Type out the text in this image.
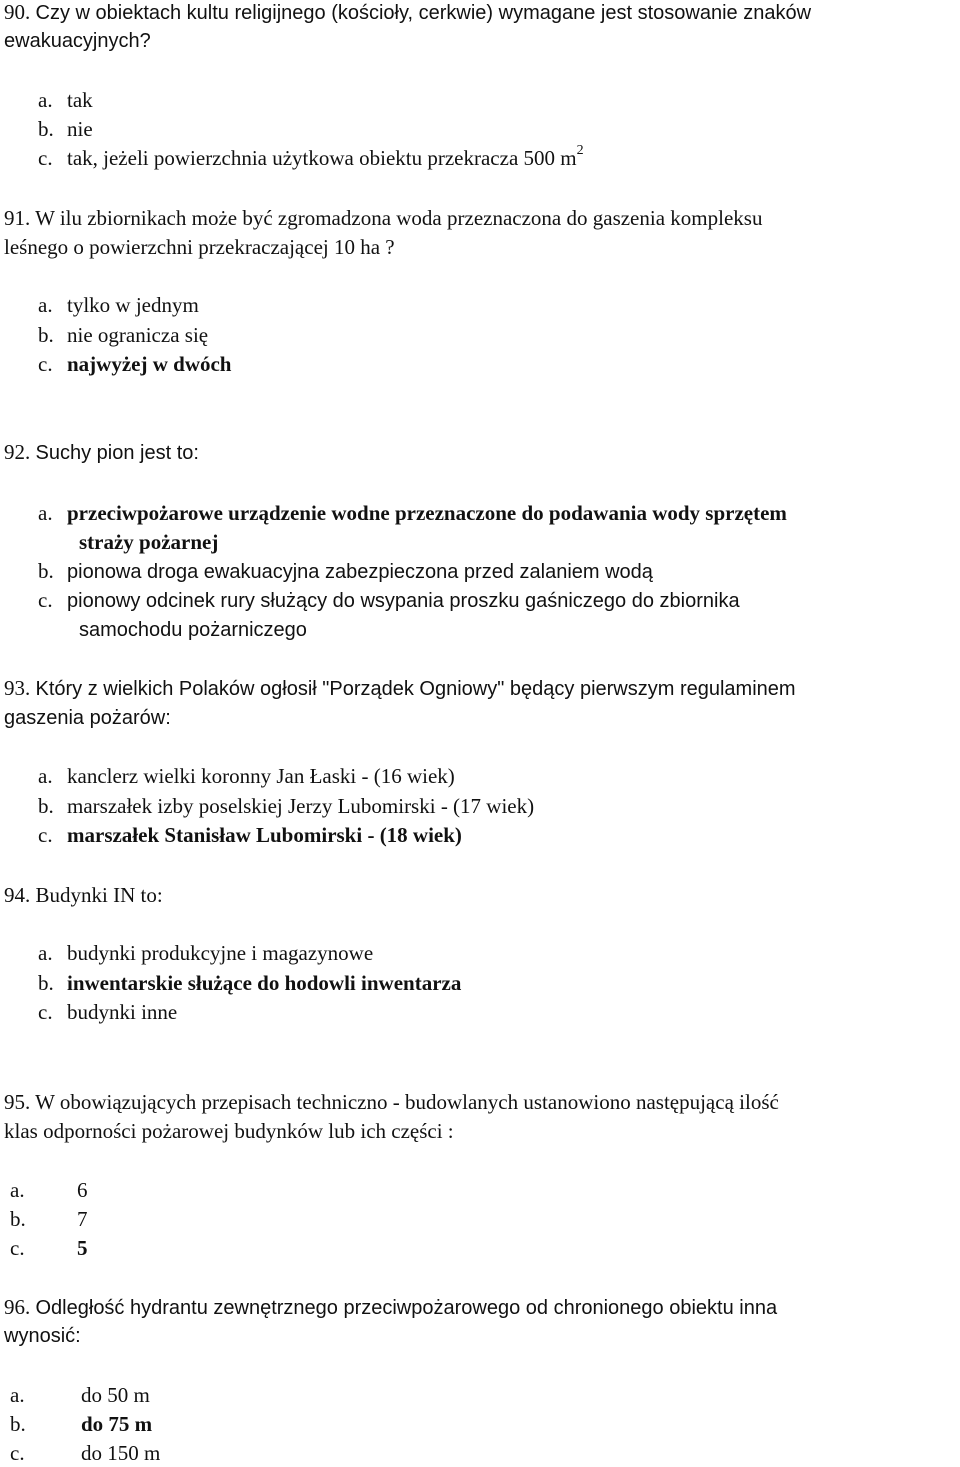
90. Czy w obiektach kultu religijnego (kościoły, cerkwie) wymagane jest stosowanie znaków
ewakuacyjnych?
a. tak
b. nie
c. tak, jeżeli powierzchnia użytkowa obiektu przekracza 500 $m^2$
91. W ilu zbiornikach może być zgromadzona woda przeznaczona do gaszenia kompleksu
leśnego o powierzchni przekraczającej 10 ha ?
a. tylko w jednym
b. nie ogranicza się
c. najwyżej w dwóch
92. Suchy pion jest to:
a. przeciwpożarowe urządzenie wodne przeznaczone do podawania wody sprzętem
straży pożarnej
b. pionowa droga ewakuacyjna zabezpieczona przed zalaniem wodą
c. pionowy odcinek rury służący do wsypania proszku gaśniczego do zbiornika
samochodu pożarniczego
93. Który z wielkich Polaków ogłosił "Porządek Ogniowy" będący pierwszym regulaminem
gaszenia pożarów:
a. kanclerz wielki koronny Jan Łaski - (16 wiek)
b. marszałek izby poselskiej Jerzy Lubomirski - (17 wiek)
c. marszałek Stanisław Lubomirski - (18 wiek)
94. Budynki IN to:
a. budynki produkcyjne i magazynowe
b. inwentarskie służące do hodowli inwentarza
c. budynki inne
95. W obowiązujących przepisach techniczno - budowlanych ustanowiono następującą ilość
klas odporności pożarowej budynków lub ich części :
a. 6
b. 7
c. 5
96. Odległość hydrantu zewnętrznego przeciwpożarowego od chronionego obiektu inna
wynosić:
a.	do 50 m
b.	do 75 m
c.	do 150 m
